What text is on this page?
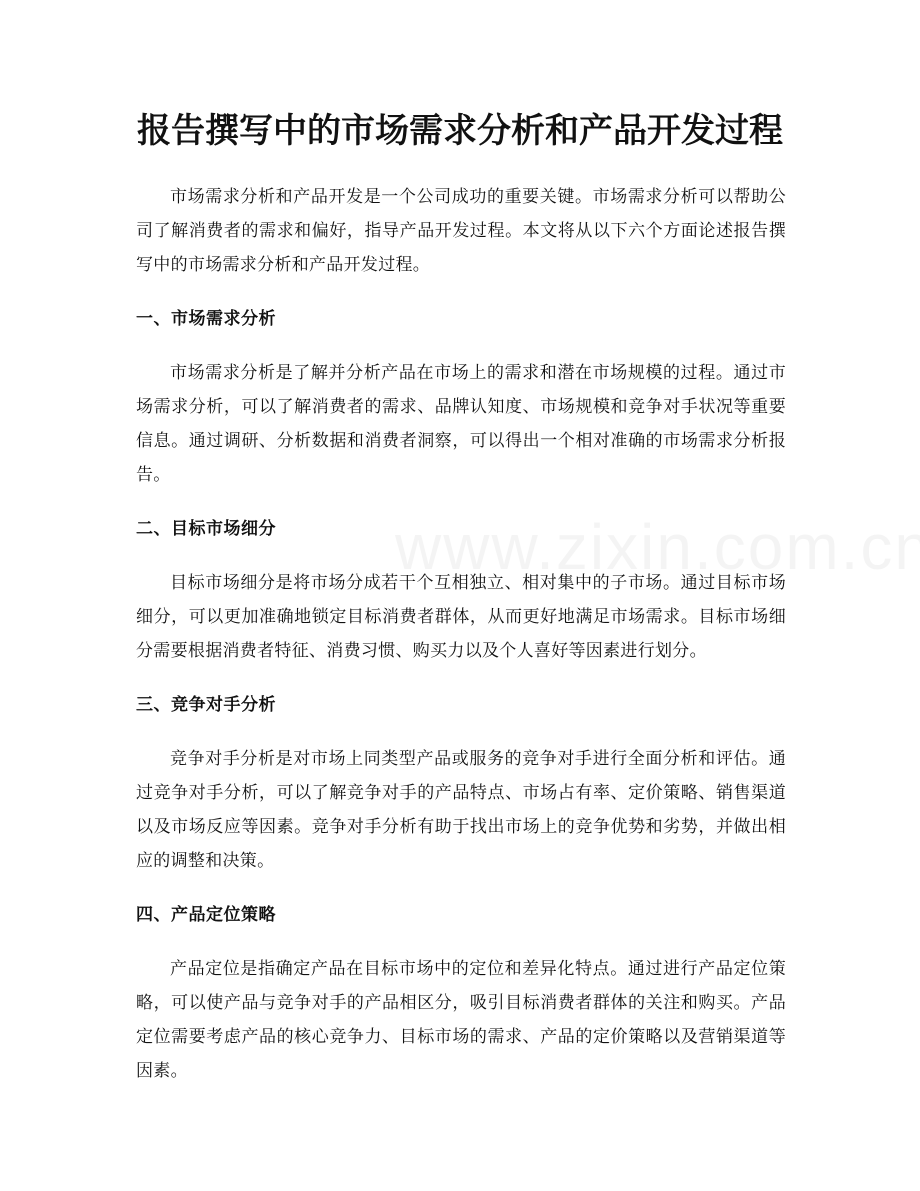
报告撰写中的市场需求分析和产品开发过程

市场需求分析和产品开发是一个公司成功的重要关键。市场需求分析可以帮助公司了解消费者的需求和偏好，指导产品开发过程。本文将从以下六个方面论述报告撰写中的市场需求分析和产品开发过程。

一、市场需求分析

市场需求分析是了解并分析产品在市场上的需求和潜在市场规模的过程。通过市场需求分析，可以了解消费者的需求、品牌认知度、市场规模和竞争对手状况等重要信息。通过调研、分析数据和消费者洞察，可以得出一个相对准确的市场需求分析报告。

二、目标市场细分

目标市场细分是将市场分成若干个互相独立、相对集中的子市场。通过目标市场细分，可以更加准确地锁定目标消费者群体，从而更好地满足市场需求。目标市场细分需要根据消费者特征、消费习惯、购买力以及个人喜好等因素进行划分。

三、竞争对手分析

竞争对手分析是对市场上同类型产品或服务的竞争对手进行全面分析和评估。通过竞争对手分析，可以了解竞争对手的产品特点、市场占有率、定价策略、销售渠道以及市场反应等因素。竞争对手分析有助于找出市场上的竞争优势和劣势，并做出相应的调整和决策。

四、产品定位策略

产品定位是指确定产品在目标市场中的定位和差异化特点。通过进行产品定位策略，可以使产品与竞争对手的产品相区分，吸引目标消费者群体的关注和购买。产品定位需要考虑产品的核心竞争力、目标市场的需求、产品的定价策略以及营销渠道等因素。
